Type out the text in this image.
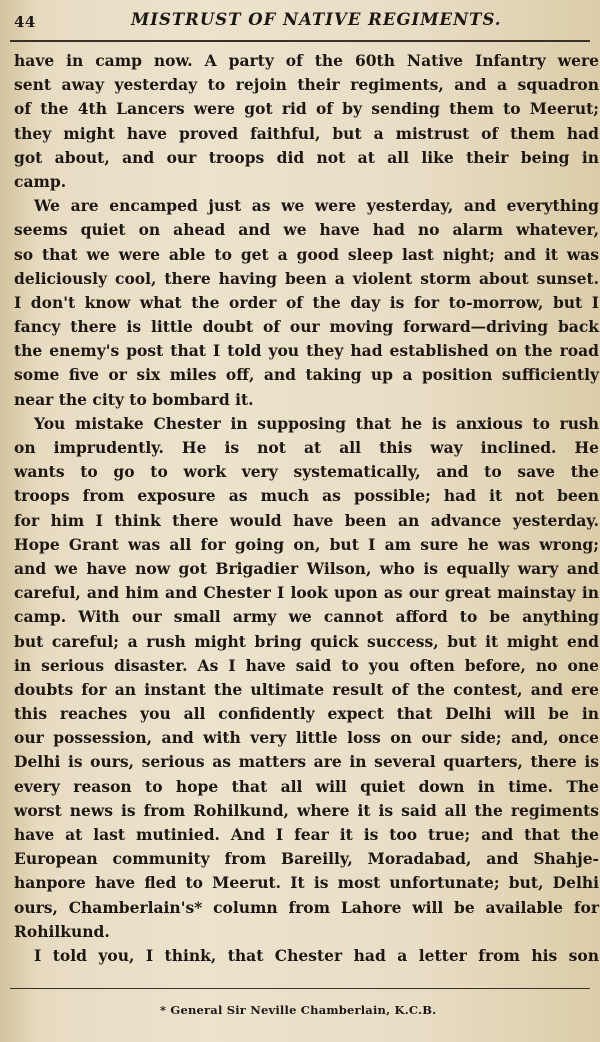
44	MISTRUST OF NATIVE REGIMENTS.
have in camp now. A party of the 60th Native Infantry were
sent away yesterday to rejoin their regiments, and a squadron
of the 4th Lancers were got rid of by sending them to Meerut;
they might have proved faithful, but a mistrust of them had
got about, and our troops did not at all like their being in
camp.
We are encamped just as we were yesterday, and everything
seems quiet on ahead and we have had no alarm whatever,
so that we were able to get a good sleep last night; and it was
deliciously cool, there having been a violent storm about sunset.
I don't know what the order of the day is for to-morrow, but I
fancy there is little doubt of our moving forward—driving back
the enemy's post that I told you they had established on the road
some five or six miles off, and taking up a position sufficiently
near the city to bombard it.
You mistake Chester in supposing that he is anxious to rush
on imprudently. He is not at all this way inclined. He
wants to go to work very systematically, and to save the
troops from exposure as much as possible; had it not been
for him I think there would have been an advance yesterday.
Hope Grant was all for going on, but I am sure he was wrong;
and we have now got Brigadier Wilson, who is equally wary and
careful, and him and Chester I look upon as our great mainstay in
camp. With our small army we cannot afford to be anything
but careful; a rush might bring quick success, but it might end
in serious disaster. As I have said to you often before, no one
doubts for an instant the ultimate result of the contest, and ere
this reaches you all confidently expect that Delhi will be in
our possession, and with very little loss on our side; and, once
Delhi is ours, serious as matters are in several quarters, there is
every reason to hope that all will quiet down in time. The
worst news is from Rohilkund, where it is said all the regiments
have at last mutinied. And I fear it is too true; and that the
European community from Bareilly, Moradabad, and Shahje-
hanpore have fled to Meerut. It is most unfortunate; but, Delhi
ours, Chamberlain's* column from Lahore will be available for
Rohilkund.
I told you, I think, that Chester had a letter from his son
* General Sir Neville Chamberlain, K.C.B.
